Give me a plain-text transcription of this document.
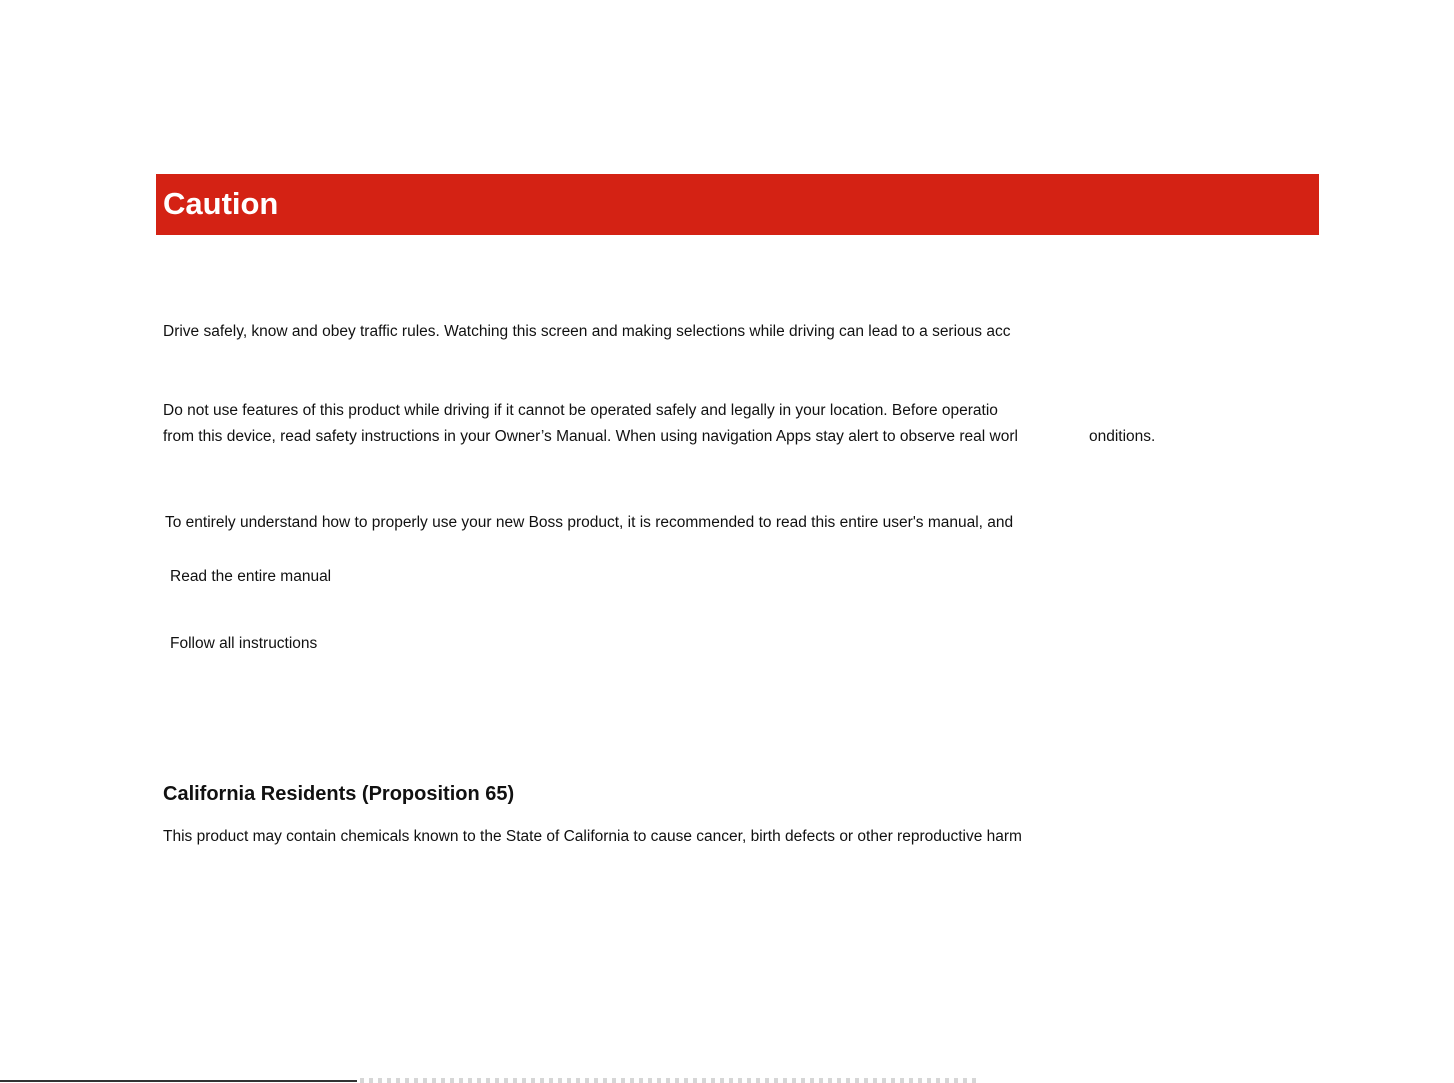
Caution
Drive safely, know and obey traffic rules. Watching this screen and making selections while driving can lead to a serious acc
Do not use features of this product while driving if it cannot be operated safely and legally in your location. Before operatio
from this device, read safety instructions in your Owner’s Manual. When using navigation Apps stay alert to observe real worl	onditions.
To entirely understand how to properly use your new Boss product, it is recommended to read this entire user's manual, and
Read the entire manual
Follow all instructions
California Residents (Proposition 65)
This product may contain chemicals known to the State of California to cause cancer, birth defects or other reproductive harm
